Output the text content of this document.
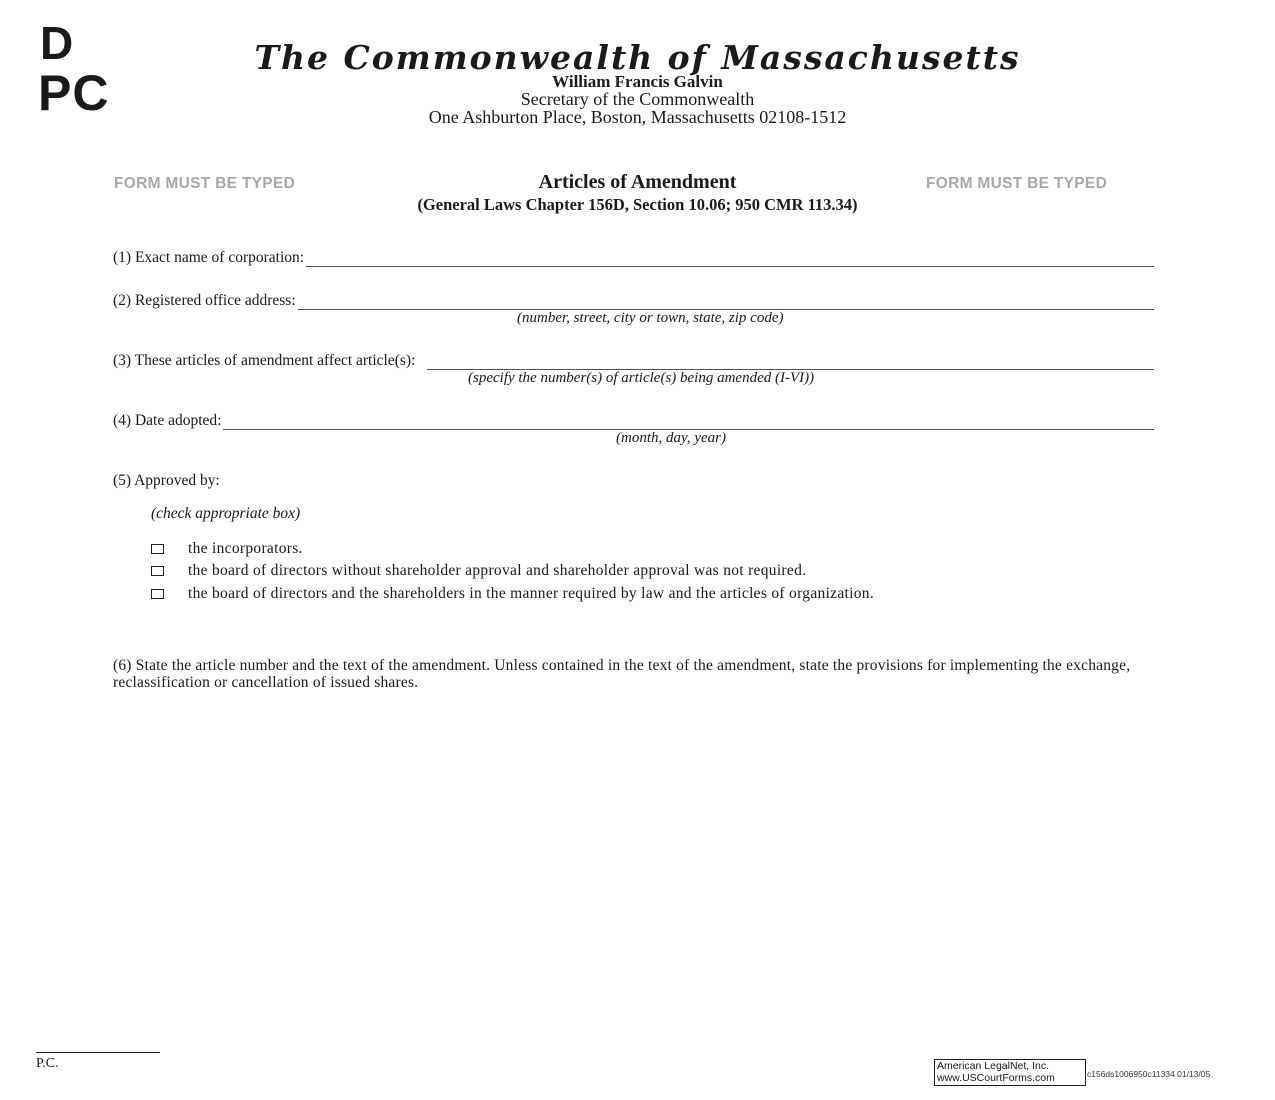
D
PC
The Commonwealth of Massachusetts
William Francis Galvin
Secretary of the Commonwealth
One Ashburton Place, Boston, Massachusetts 02108-1512
FORM MUST BE TYPED	FORM MUST BE TYPED
Articles of Amendment
(General Laws Chapter 156D, Section 10.06; 950 CMR 113.34)
(1) Exact name of corporation:
(2) Registered office address:
(number, street, city or town, state, zip code)
(3) These articles of amendment affect article(s):
(specify the number(s) of article(s) being amended (I-VI))
(4) Date adopted:
(month, day, year)
(5) Approved by:
(check appropriate box)
the incorporators.
the board of directors without shareholder approval and shareholder approval was not required.
the board of directors and the shareholders in the manner required by law and the articles of organization.
(6) State the article number and the text of the amendment. Unless contained in the text of the amendment, state the provisions for implementing the exchange, reclassification or cancellation of issued shares.
P.C.	American LegalNet, Inc.
www.USCourtForms.com	c156ds1006950c11334 01/13/05
